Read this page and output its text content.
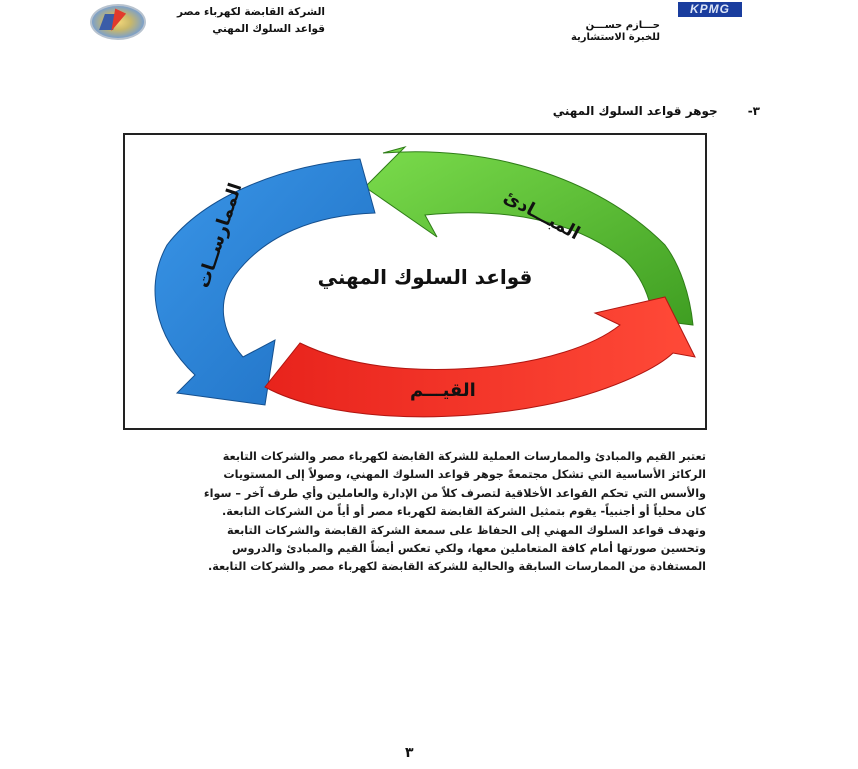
الشركة القابضة لكهرباء مصر
قواعد السلوك المهني
KPMG
حـــازم حســـن
للخبرة الاستشارية
٣-
جوهر قواعد السلوك المهني
قواعد السلوك المهني
المبـــادئ
القيـــم
الممارســات
تعتبر القيم والمبادئ والممارسات العملية للشركة القابضة لكهرباء مصر والشركات التابعة
الركائز الأساسية التي تشكل مجتمعةً جوهر قواعد السلوك المهني، وصولاً إلى المستويات
والأسس التي تحكم القواعد الأخلاقية لتصرف كلاً من الإدارة والعاملين وأي طرف آخر – سواء
كان محلياً أو أجنبياً- يقوم بتمثيل الشركة القابضة لكهرباء مصر أو أياً من الشركات التابعة.
وتهدف قواعد السلوك المهني إلى الحفاظ على سمعة الشركة القابضة والشركات التابعة
وتحسين صورتها أمام كافة المتعاملين معها، ولكي تعكس أيضاً القيم والمبادئ والدروس
المستفادة من الممارسات السابقة والحالية للشركة القابضة لكهرباء مصر والشركات التابعة.
٣
